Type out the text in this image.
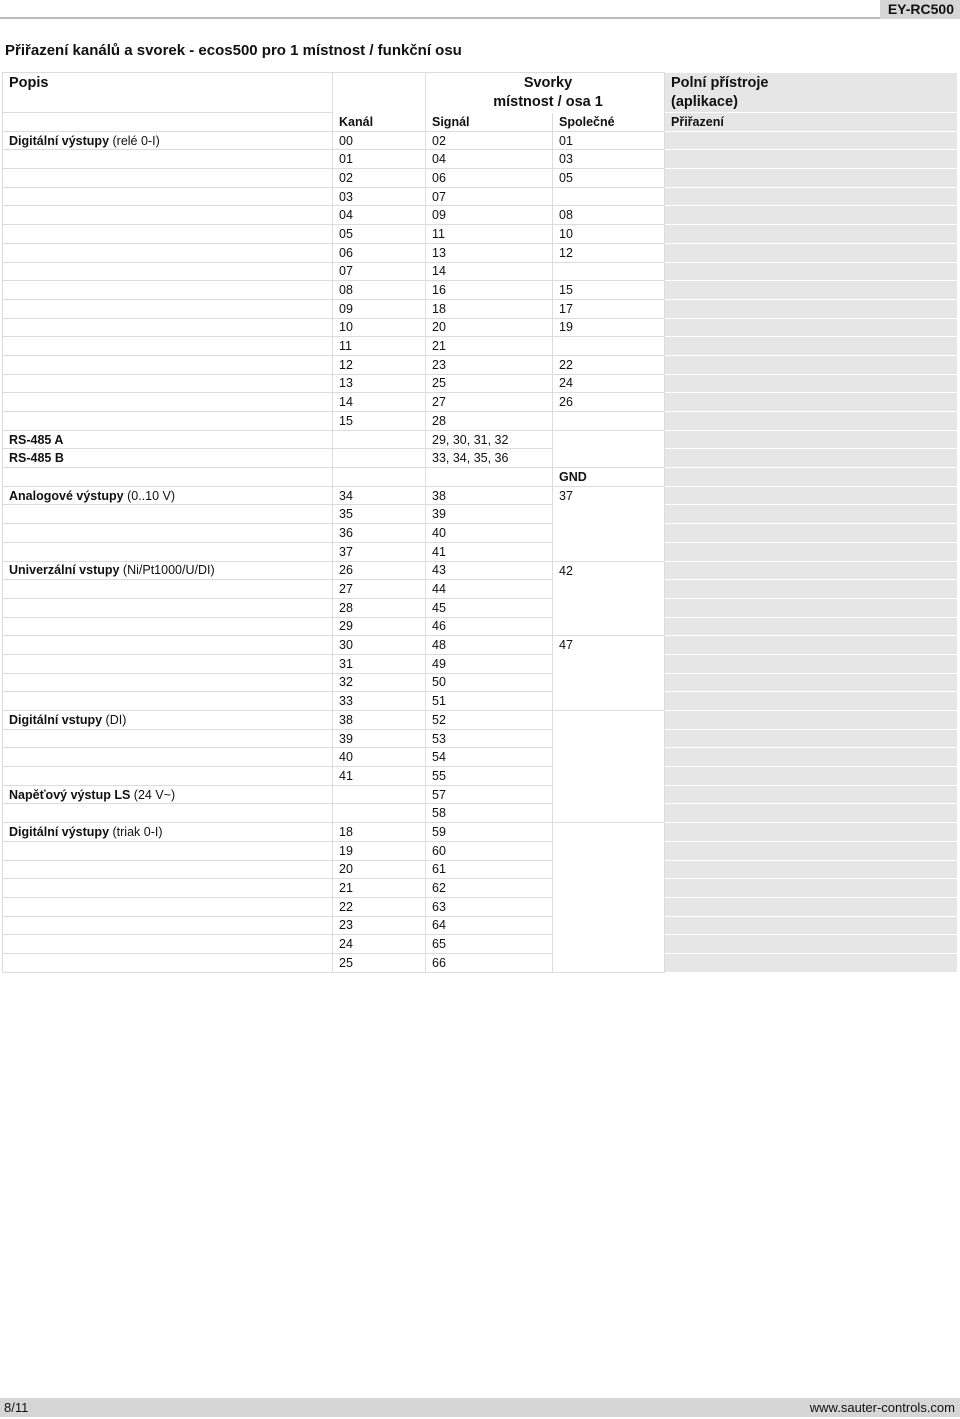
EY-RC500
Přiřazení kanálů a svorek - ecos500 pro 1 místnost / funkční osu
Popis		Svorky
místnost / osa 1		Polní přístroje
(aplikace)
	Kanál	Signál	Společné	Přiřazení
Digitální výstupy (relé 0-I)	00	02	01	
	01	04	03	
	02	06	05	
	03	07		
	04	09	08	
	05	11	10	
	06	13	12	
	07	14		
	08	16	15	
	09	18	17	
	10	20	19	
	11	21		
	12	23	22	
	13	25	24	
	14	27	26	
	15	28		
RS-485 A		29, 30, 31, 32		
RS-485 B		33, 34, 35, 36		
			GND	
Analogové výstupy (0..10 V)	34	38	37	
	35	39		
	36	40		
	37	41		
Univerzální vstupy (Ni/Pt1000/U/DI)	26	43	42	
	27	44		
	28	45		
	29	46		
	30	48	47	
	31	49		
	32	50		
	33	51		
Digitální vstupy (DI)	38	52		
	39	53		
	40	54		
	41	55		
Napěťový výstup LS (24 V~)		57		
		58		
Digitální výstupy (triak 0-I)	18	59		
	19	60		
	20	61		
	21	62		
	22	63		
	23	64		
	24	65		
	25	66		
8/11	www.sauter-controls.com
